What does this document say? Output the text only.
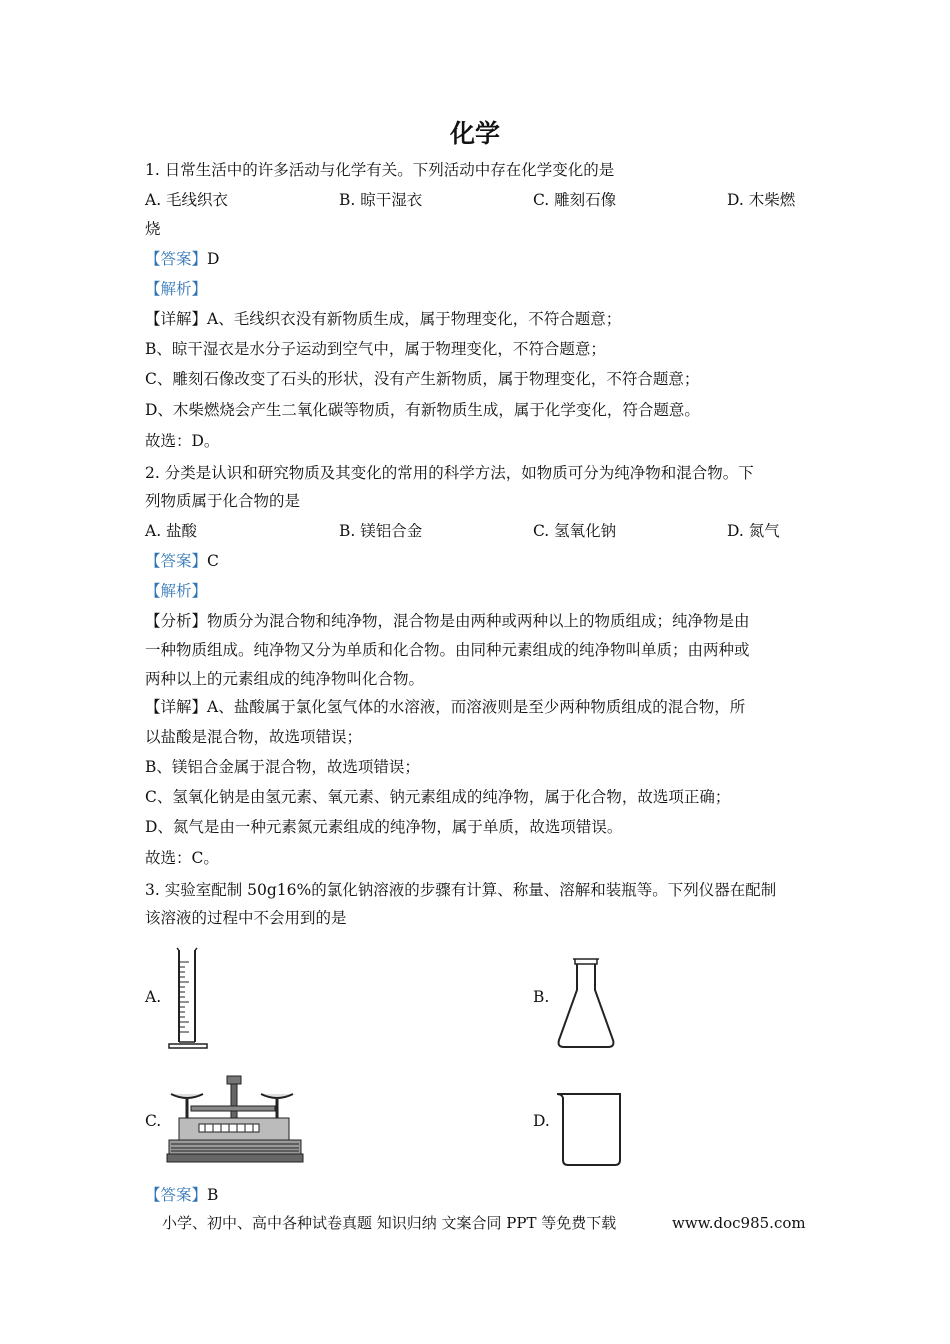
化学
1. 日常生活中的许多活动与化学有关。下列活动中存在化学变化的是
A. 毛线织衣	B. 晾干湿衣	C. 雕刻石像	D. 木柴燃
烧
【答案】D
【解析】
【详解】A、毛线织衣没有新物质生成，属于物理变化，不符合题意；
B、晾干湿衣是水分子运动到空气中，属于物理变化，不符合题意；
C、雕刻石像改变了石头的形状，没有产生新物质，属于物理变化，不符合题意；
D、木柴燃烧会产生二氧化碳等物质，有新物质生成，属于化学变化，符合题意。
故选：D。
2. 分类是认识和研究物质及其变化的常用的科学方法，如物质可分为纯净物和混合物。下
列物质属于化合物的是
A. 盐酸	B. 镁铝合金	C. 氢氧化钠	D. 氮气
【答案】C
【解析】
【分析】物质分为混合物和纯净物，混合物是由两种或两种以上的物质组成；纯净物是由
一种物质组成。纯净物又分为单质和化合物。由同种元素组成的纯净物叫单质；由两种或
两种以上的元素组成的纯净物叫化合物。
【详解】A、盐酸属于氯化氢气体的水溶液，而溶液则是至少两种物质组成的混合物，所
以盐酸是混合物，故选项错误；
B、镁铝合金属于混合物，故选项错误；
C、氢氧化钠是由氢元素、氧元素、钠元素组成的纯净物，属于化合物，故选项正确；
D、氮气是由一种元素氮元素组成的纯净物，属于单质，故选项错误。
故选：C。
3. 实验室配制 50g16%的氯化钠溶液的步骤有计算、称量、溶解和装瓶等。下列仪器在配制
该溶液的过程中不会用到的是
A.	B.
C.	D.
【答案】B
小学、初中、高中各种试卷真题 知识归纳 文案合同 PPT 等免费下载	www.doc985.com
